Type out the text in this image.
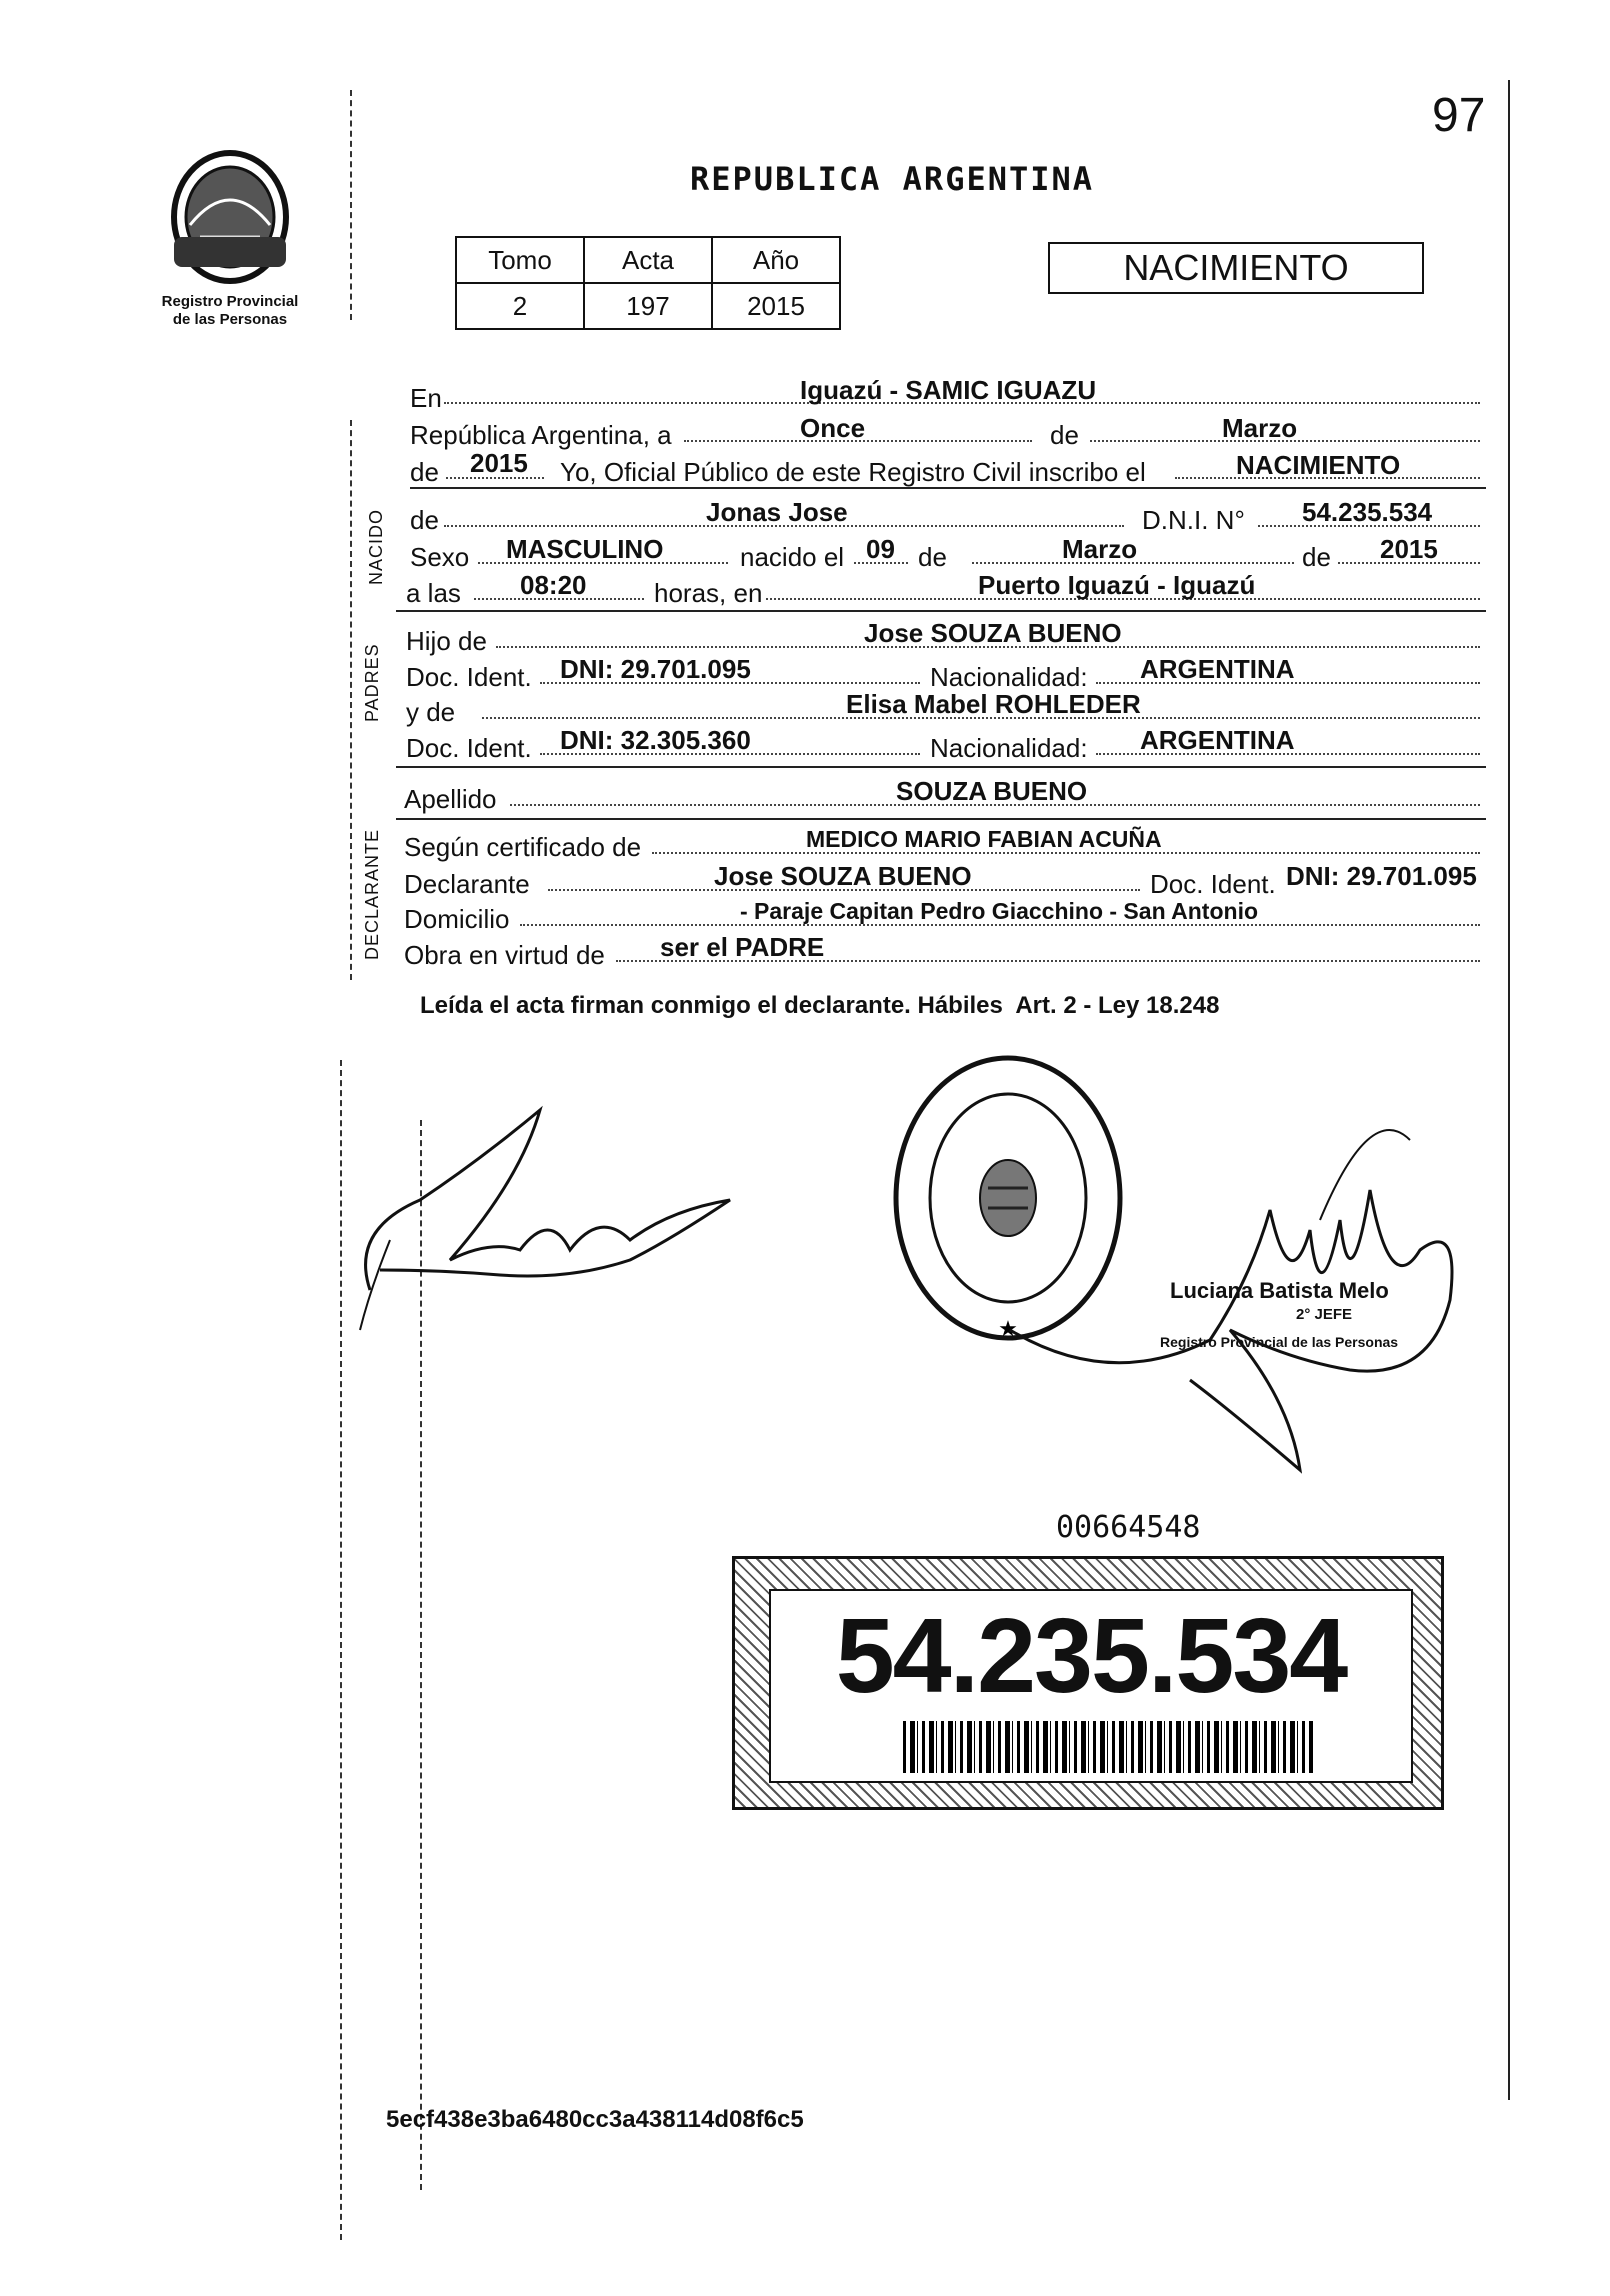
97
Registro Provincial
de las Personas
REPUBLICA ARGENTINA
Tomo	Acta	Año
2	197	2015
NACIMIENTO
En	Iguazú - SAMIC IGUAZU
República Argentina, a	Once	de	Marzo
de 2015 Yo, Oficial Público de este Registro Civil inscribo el	NACIMIENTO
NACIDO de	Jonas Jose	D.N.I. N° 54.235.534
Sexo MASCULINO	nacido el 09 de	Marzo	de 2015
a las 08:20	horas, en	Puerto Iguazú - Iguazú
PADRES
Hijo de	Jose SOUZA BUENO
Doc. Ident. DNI: 29.701.095	Nacionalidad: ARGENTINA
y de	Elisa Mabel ROHLEDER
Doc. Ident. DNI: 32.305.360	Nacionalidad: ARGENTINA
Apellido	SOUZA BUENO
DECLARANTE Según certificado de	MEDICO MARIO FABIAN ACUÑA
Declarante	Jose SOUZA BUENO	Doc. Ident. DNI: 29.701.095
Domicilio	- Paraje Capitan Pedro Giacchino - San Antonio
Obra en virtud de ser el PADRE
Leída el acta firman conmigo el declarante. Hábiles  Art. 2 - Ley 18.248
★
Luciana Batista Melo
2° JEFE
Registro Provincial de las Personas
00664548
54.235.534
5ecf438e3ba6480cc3a438114d08f6c5
